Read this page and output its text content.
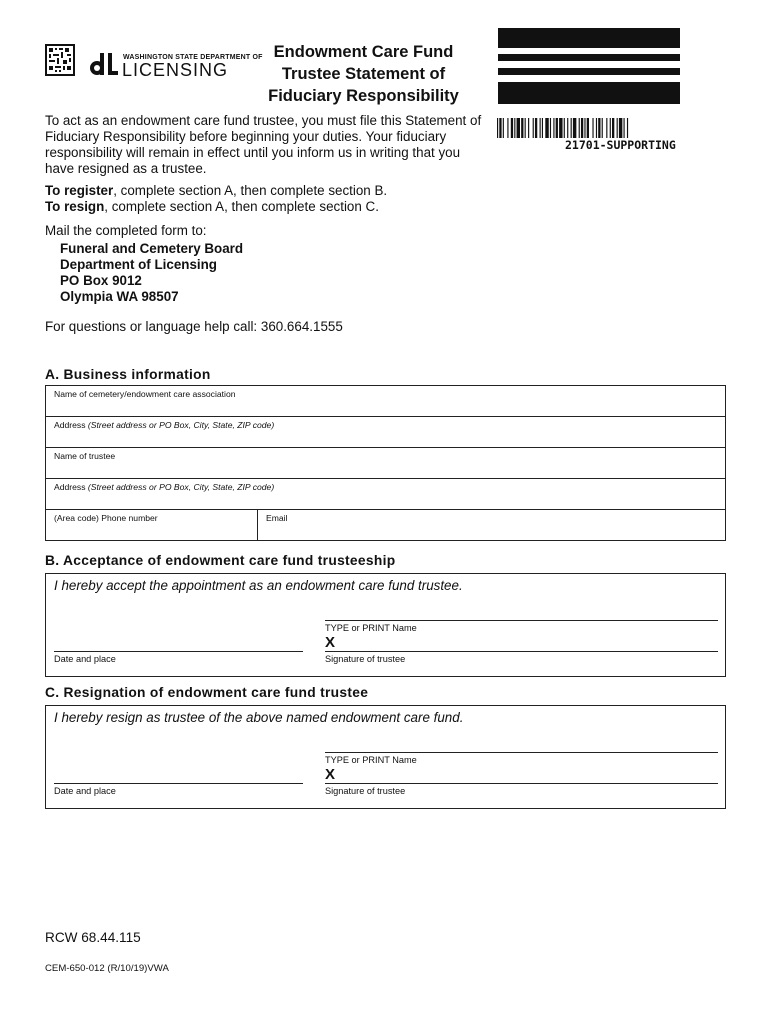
WASHINGTON STATE DEPARTMENT OF
LICENSING
Endowment Care Fund
Trustee Statement of
Fiduciary Responsibility
21701-SUPPORTING

To act as an endowment care fund trustee, you must file this Statement of Fiduciary Responsibility before beginning your duties. Your fiduciary responsibility will remain in effect until you inform us in writing that you have resigned as a trustee.

To register, complete section A, then complete section B.
To resign, complete section A, then complete section C.
Mail the completed form to:
Funeral and Cemetery Board
Department of Licensing
PO Box 9012
Olympia WA 98507
For questions or language help call: 360.664.1555
A. Business information
Name of cemetery/endowment care association
Address (Street address or PO Box, City, State, ZIP code)
Name of trustee
Address (Street address or PO Box, City, State, ZIP code)
(Area code) Phone number	Email
B. Acceptance of endowment care fund trusteeship
I hereby accept the appointment as an endowment care fund trustee.
TYPE or PRINT Name
X
Date and place	Signature of trustee
C. Resignation of endowment care fund trustee
I hereby resign as trustee of the above named endowment care fund.
TYPE or PRINT Name
X
Date and place	Signature of trustee
RCW 68.44.115
CEM-650-012 (R/10/19)VWA
